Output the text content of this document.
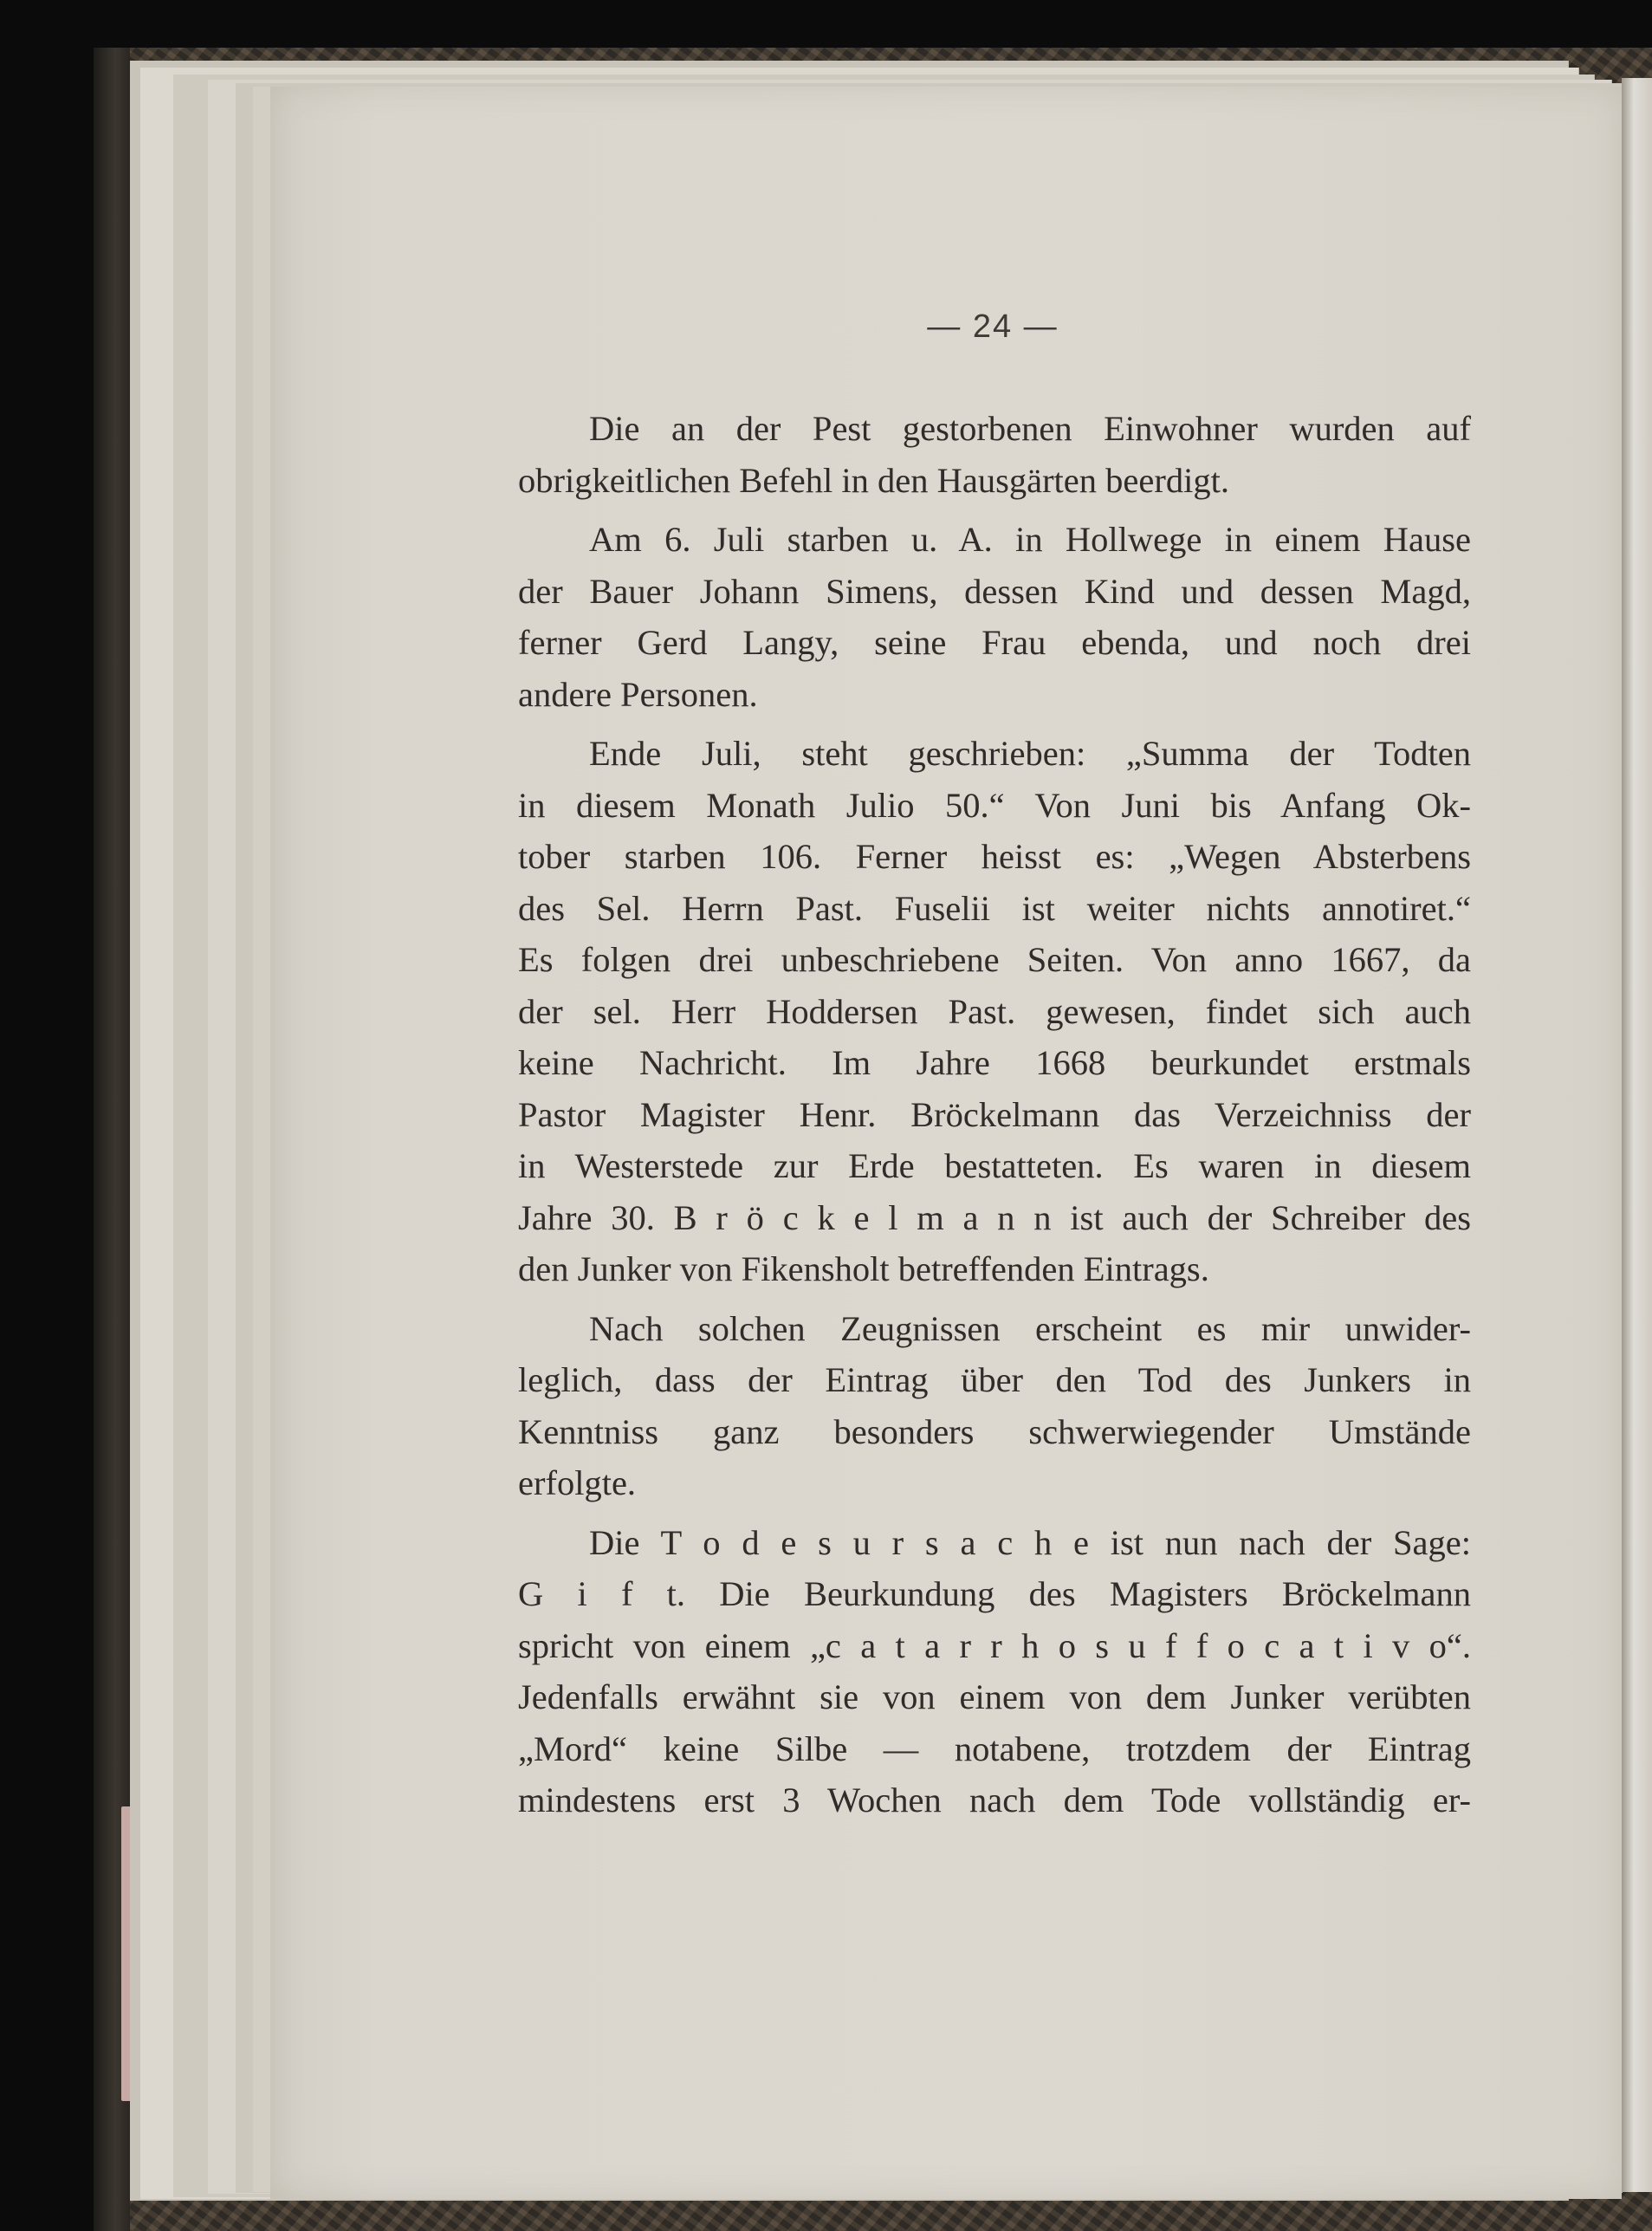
— 24 —
Die an der Pest gestorbenen Einwohner wurden auf
obrigkeitlichen Befehl in den Hausgärten beerdigt.
Am 6. Juli starben u. A. in Hollwege in einem Hause
der Bauer Johann Simens, dessen Kind und dessen Magd,
ferner Gerd Langy, seine Frau ebenda, und noch drei
andere Personen.
Ende Juli, steht geschrieben: „Summa der Todten
in diesem Monath Julio 50.“ Von Juni bis Anfang Ok-
tober starben 106. Ferner heisst es: „Wegen Absterbens
des Sel. Herrn Past. Fuselii ist weiter nichts annotiret.“
Es folgen drei unbeschriebene Seiten. Von anno 1667, da
der sel. Herr Hoddersen Past. gewesen, findet sich auch
keine Nachricht. Im Jahre 1668 beurkundet erstmals
Pastor Magister Henr. Bröckelmann das Verzeichniss der
in Westerstede zur Erde bestatteten. Es waren in diesem
Jahre 30. B r ö c k e l m a n n ist auch der Schreiber des
den Junker von Fikensholt betreffenden Eintrags.
Nach solchen Zeugnissen erscheint es mir unwider-
leglich, dass der Eintrag über den Tod des Junkers in
Kenntniss ganz besonders schwerwiegender Umstände
erfolgte.
Die T o d e s u r s a c h e ist nun nach der Sage:
G i f t. Die Beurkundung des Magisters Bröckelmann
spricht von einem „c a t a r r h o s u f f o c a t i v o“.
Jedenfalls erwähnt sie von einem von dem Junker verübten
„Mord“ keine Silbe — notabene, trotzdem der Eintrag
mindestens erst 3 Wochen nach dem Tode vollständig er-
